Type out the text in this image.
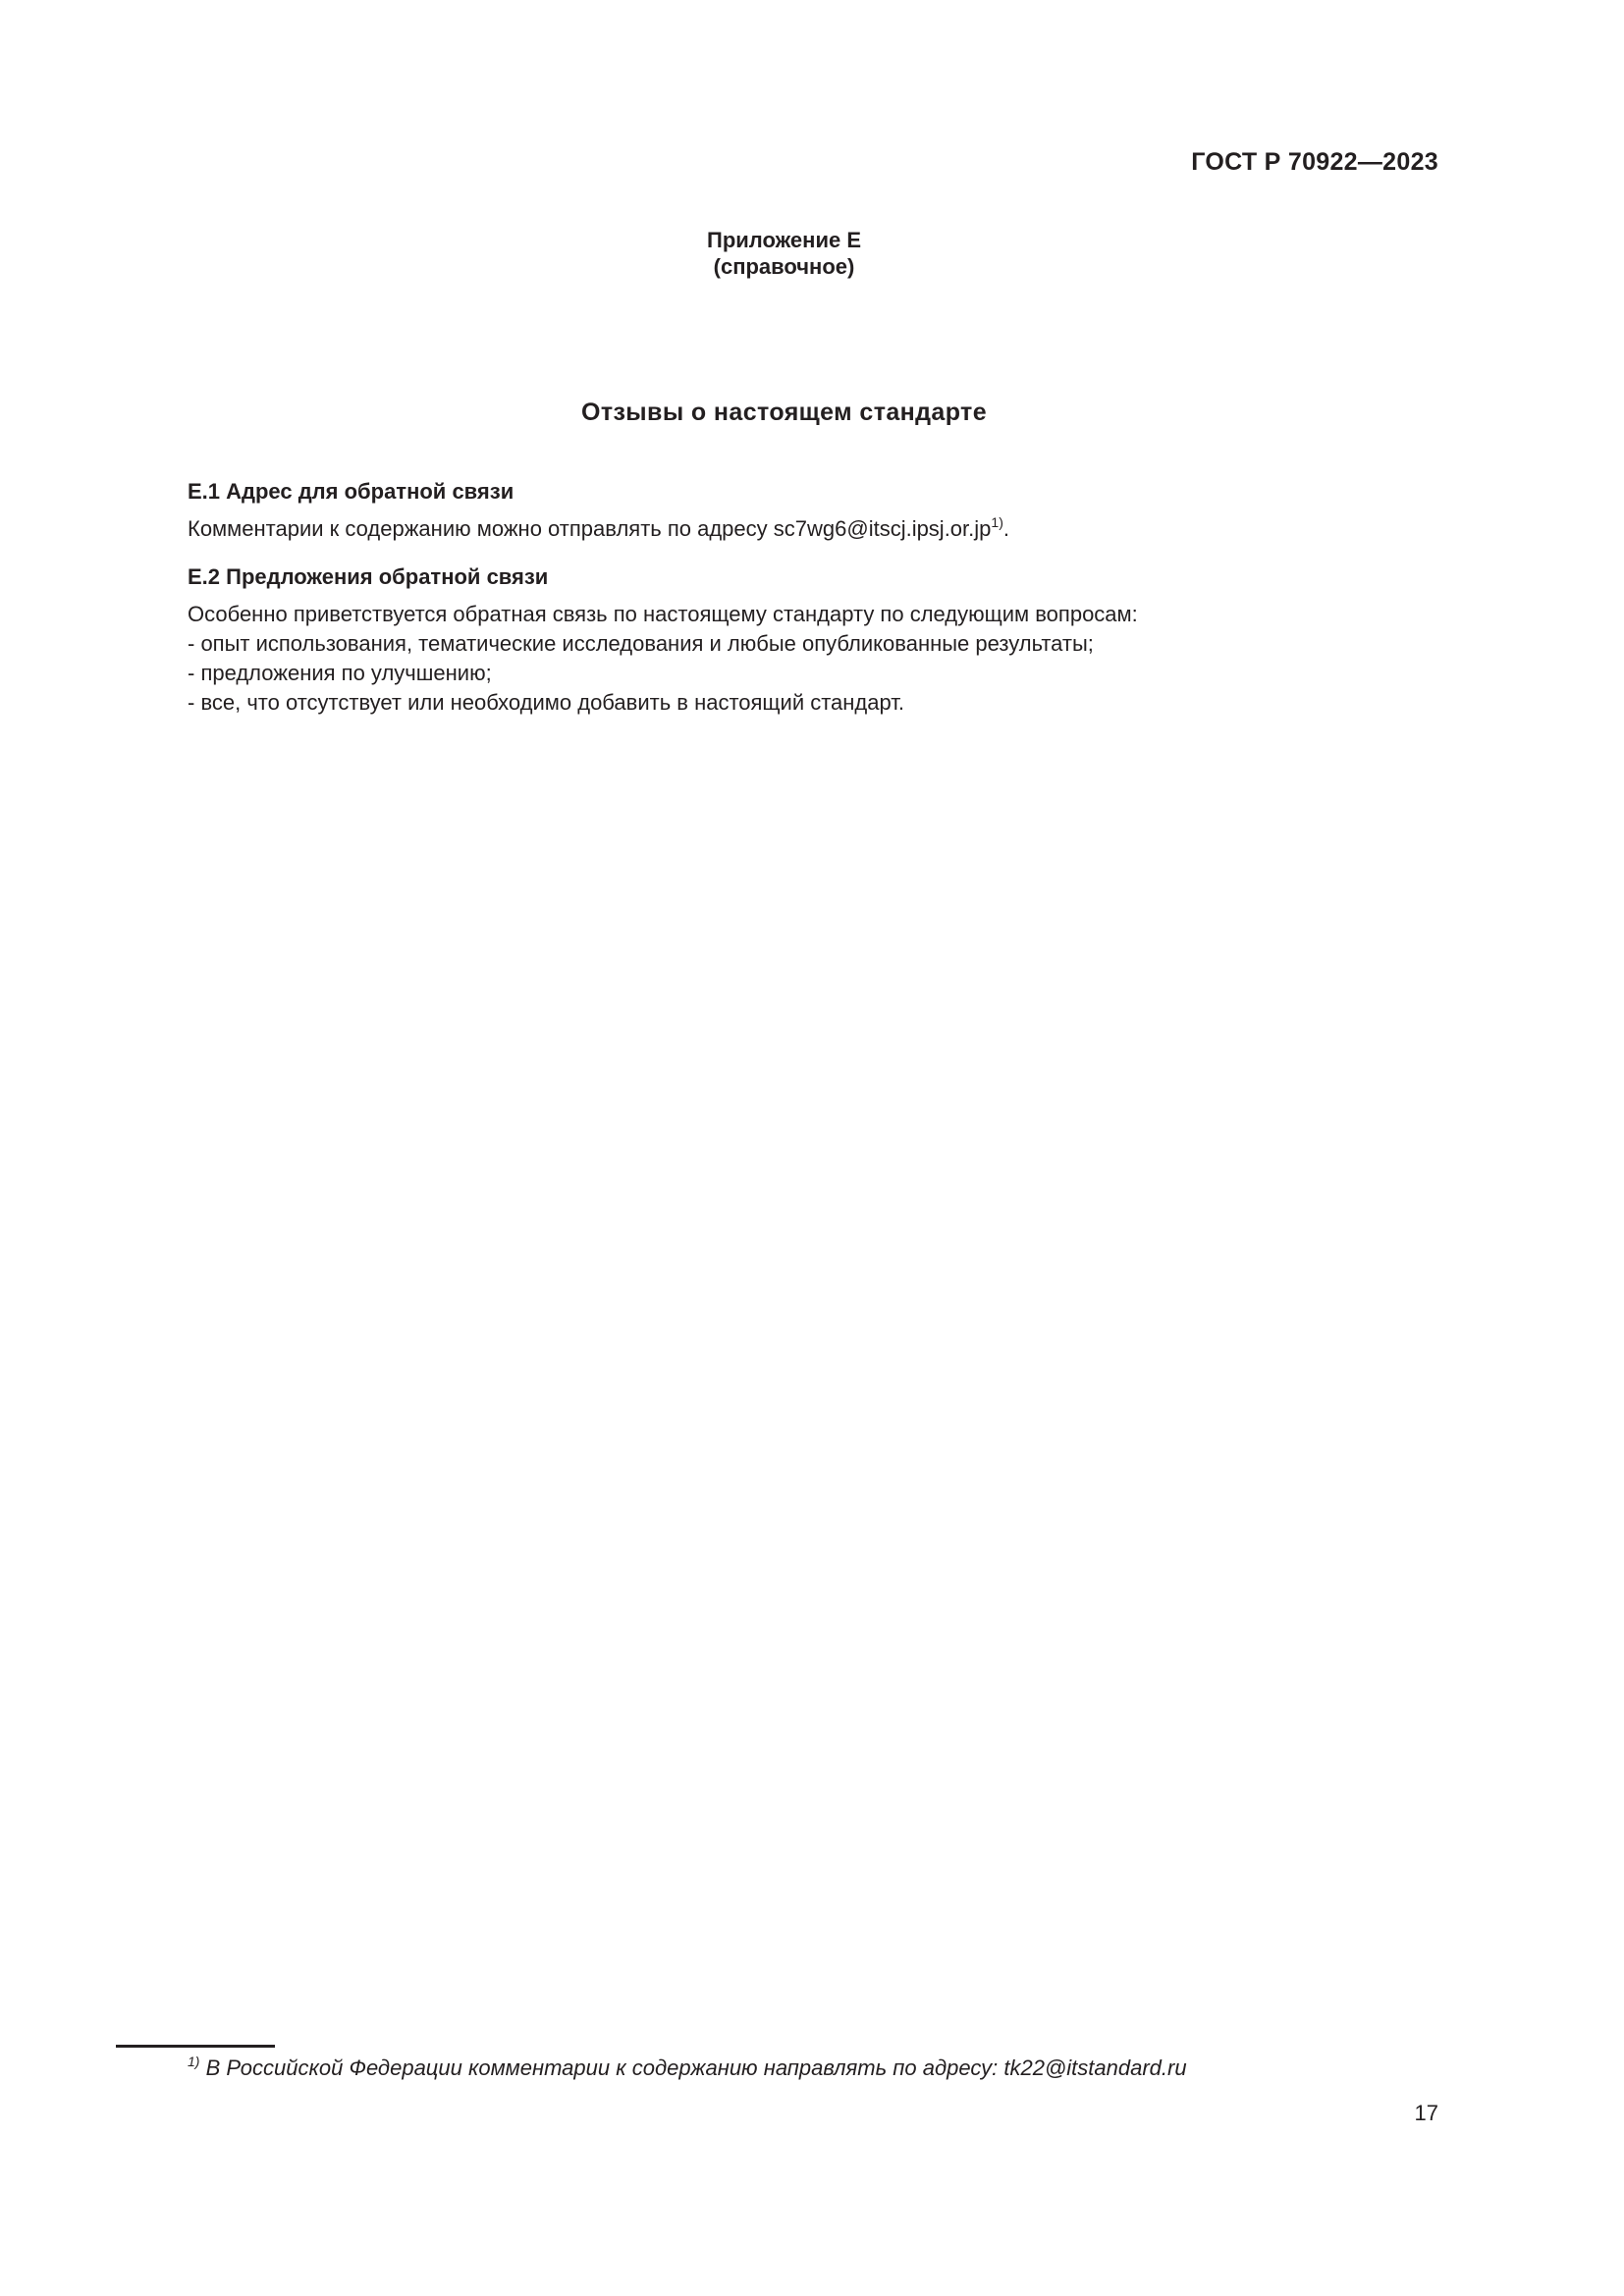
ГОСТ Р 70922—2023
Приложение Е
(справочное)
Отзывы о настоящем стандарте
Е.1 Адрес для обратной связи
Комментарии к содержанию можно отправлять по адресу $sc7wg6@itscj.ipsj.or.jp^{1)}$.
Е.2 Предложения обратной связи
Особенно приветствуется обратная связь по настоящему стандарту по следующим вопросам:
- опыт использования, тематические исследования и любые опубликованные результаты;
- предложения по улучшению;
- все, что отсутствует или необходимо добавить в настоящий стандарт.
$^{1)}$ В Российской Федерации комментарии к содержанию направлять по адресу: tk22@itstandard.ru
17
